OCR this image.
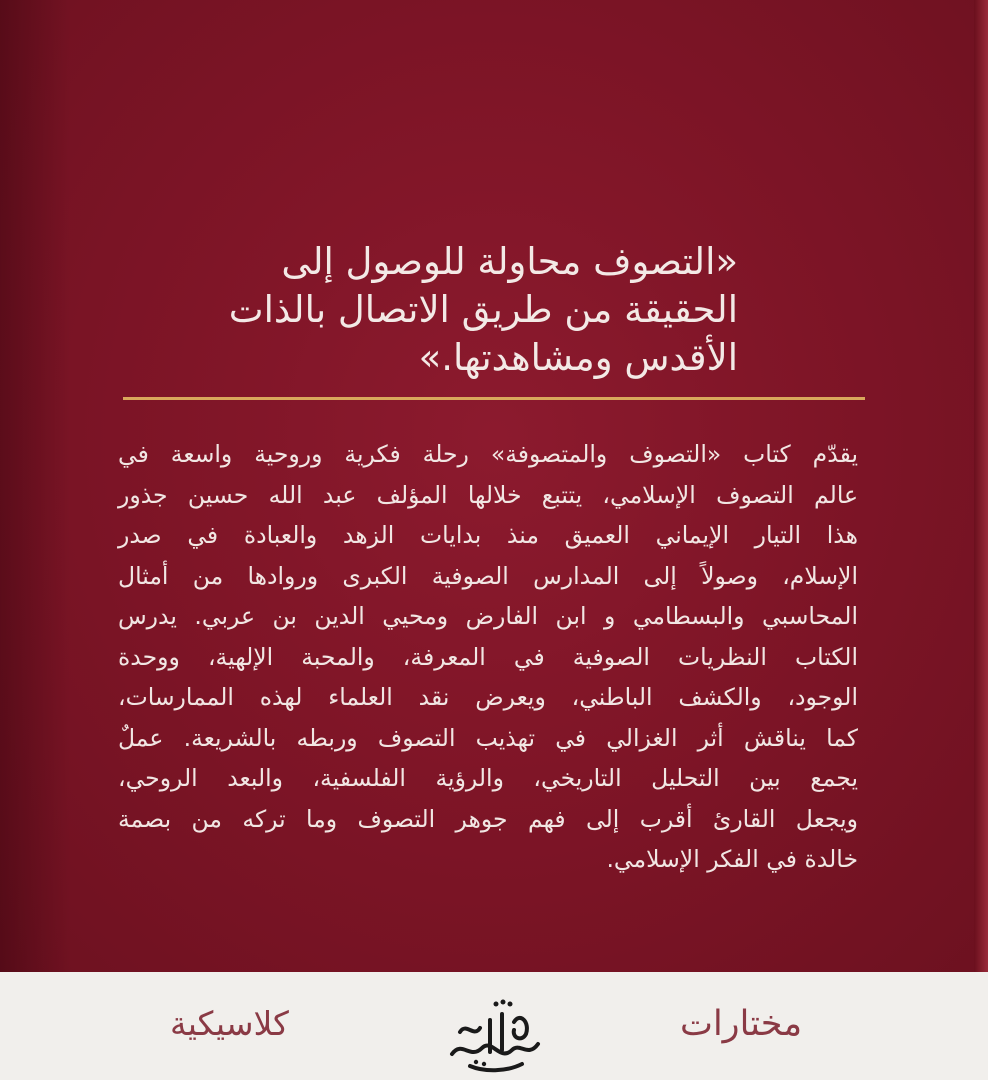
«التصوف محاولة للوصول إلى
الحقيقة من طريق الاتصال بالذات
الأقدس ومشاهدتها.»
يقدّم كتاب «التصوف والمتصوفة» رحلة فكرية وروحية واسعة في
عالم التصوف الإسلامي، يتتبع خلالها المؤلف عبد الله حسين جذور
هذا التيار الإيماني العميق منذ بدايات الزهد والعبادة في صدر
الإسلام، وصولاً إلى المدارس الصوفية الكبرى وروادها من أمثال
المحاسبي والبسطامي و ابن الفارض ومحيي الدين بن عربي. يدرس
الكتاب النظريات الصوفية في المعرفة، والمحبة الإلهية، ووحدة
الوجود، والكشف الباطني، ويعرض نقد العلماء لهذه الممارسات،
كما يناقش أثر الغزالي في تهذيب التصوف وربطه بالشريعة. عملٌ
يجمع بين التحليل التاريخي، والرؤية الفلسفية، والبعد الروحي،
ويجعل القارئ أقرب إلى فهم جوهر التصوف وما تركه من بصمة
خالدة في الفكر الإسلامي.
كلاسيكية	مختارات
